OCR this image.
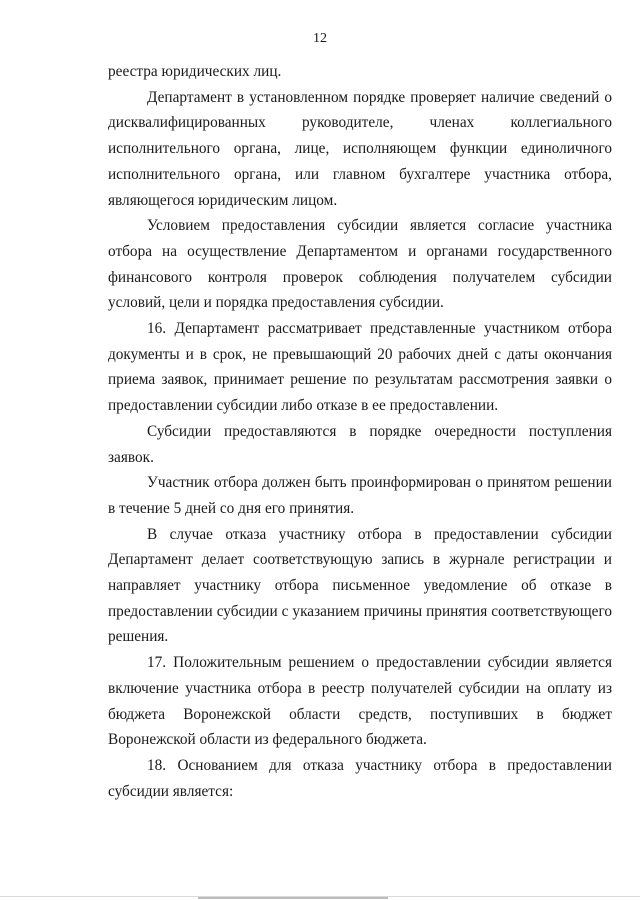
12

реестра юридических лиц.

Департамент в установленном порядке проверяет наличие сведений о дисквалифицированных руководителе, членах коллегиального исполнительного органа, лице, исполняющем функции единоличного исполнительного органа, или главном бухгалтере участника отбора, являющегося юридическим лицом.

Условием предоставления субсидии является согласие участника отбора на осуществление Департаментом и органами государственного финансового контроля проверок соблюдения получателем субсидии условий, цели и порядка предоставления субсидии.

16. Департамент рассматривает представленные участником отбора документы и в срок, не превышающий 20 рабочих дней с даты окончания приема заявок, принимает решение по результатам рассмотрения заявки о предоставлении субсидии либо отказе в ее предоставлении.

Субсидии предоставляются в порядке очередности поступления заявок.

Участник отбора должен быть проинформирован о принятом решении в течение 5 дней со дня его принятия.

В случае отказа участнику отбора в предоставлении субсидии Департамент делает соответствующую запись в журнале регистрации и направляет участнику отбора письменное уведомление об отказе в предоставлении субсидии с указанием причины принятия соответствующего решения.

17. Положительным решением о предоставлении субсидии является включение участника отбора в реестр получателей субсидии на оплату из бюджета Воронежской области средств, поступивших в бюджет Воронежской области из федерального бюджета.

18. Основанием для отказа участнику отбора в предоставлении субсидии является:
